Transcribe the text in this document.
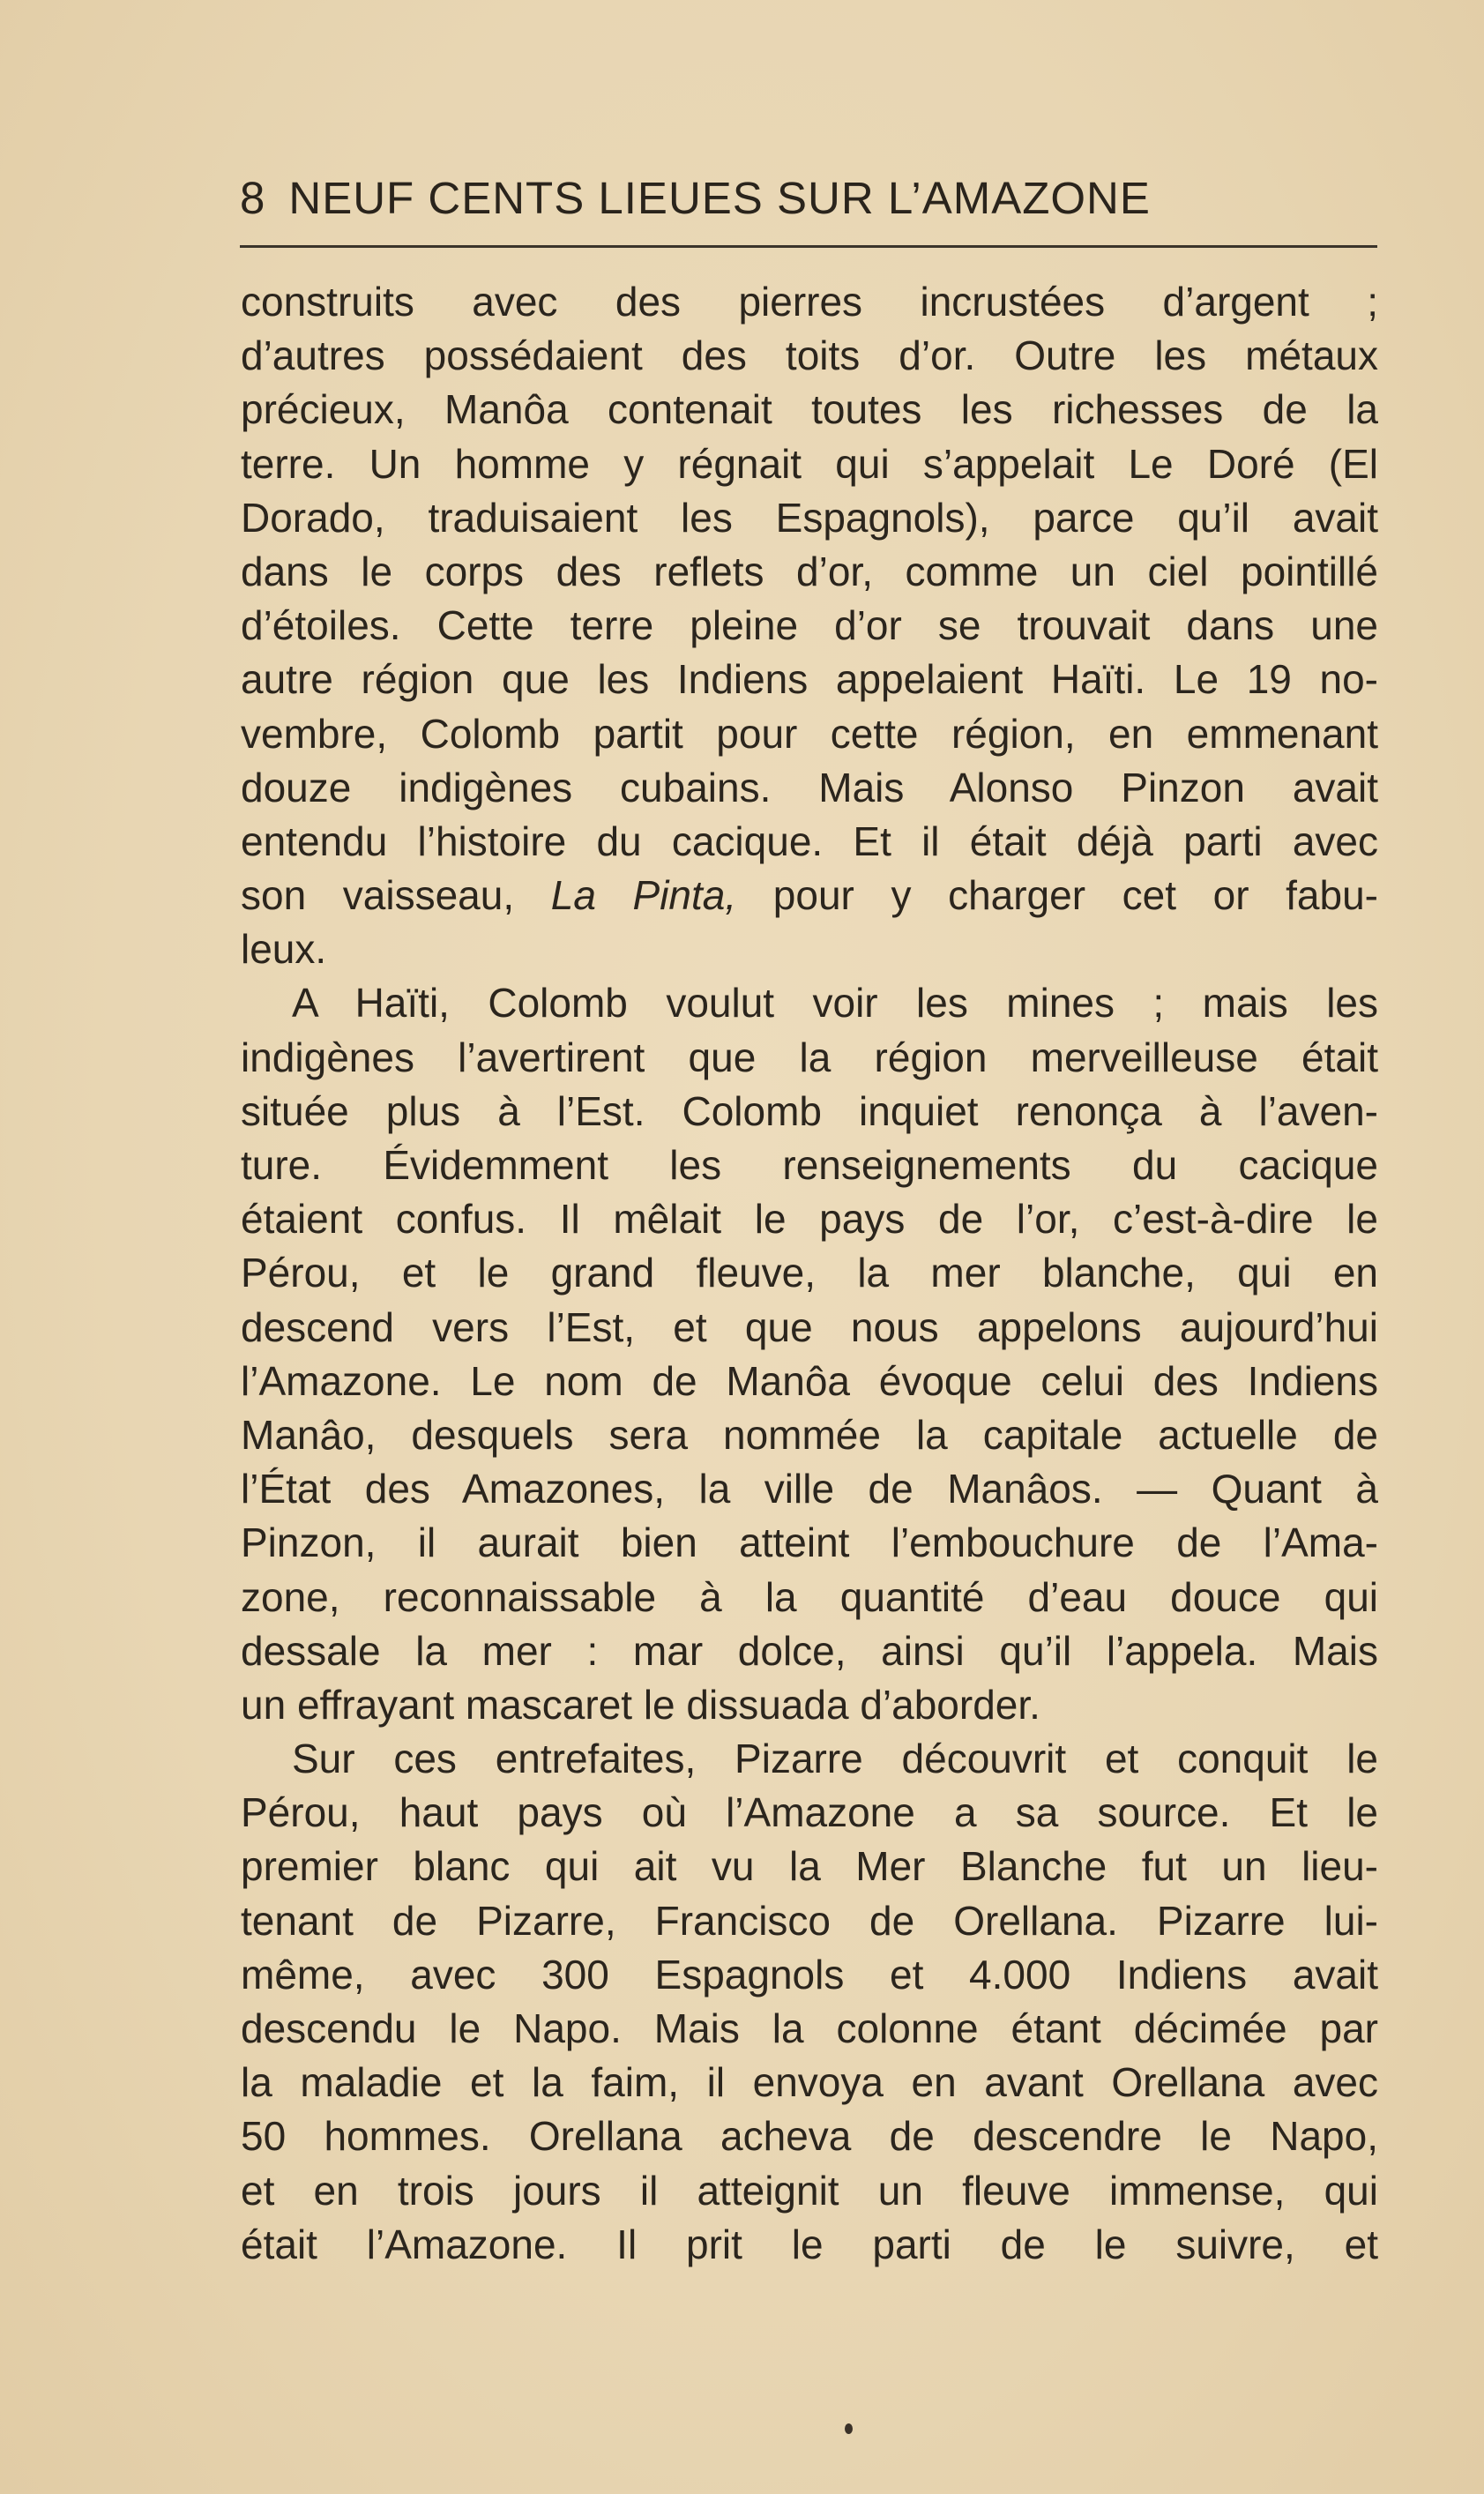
8 NEUF CENTS LIEUES SUR L’AMAZONE
construits avec des pierres incrustées d’argent ;
d’autres possédaient des toits d’or. Outre les métaux
précieux, Manôa contenait toutes les richesses de la
terre. Un homme y régnait qui s’appelait Le Doré (El
Dorado, traduisaient les Espagnols), parce qu’il avait
dans le corps des reflets d’or, comme un ciel pointillé
d’étoiles. Cette terre pleine d’or se trouvait dans une
autre région que les Indiens appelaient Haïti. Le 19 no-
vembre, Colomb partit pour cette région, en emmenant
douze indigènes cubains. Mais Alonso Pinzon avait
entendu l’histoire du cacique. Et il était déjà parti avec
son vaisseau, La Pinta, pour y charger cet or fabu-
leux.
A Haïti, Colomb voulut voir les mines ; mais les
indigènes l’avertirent que la région merveilleuse était
située plus à l’Est. Colomb inquiet renonça à l’aven-
ture. Évidemment les renseignements du cacique
étaient confus. Il mêlait le pays de l’or, c’est-à-dire le
Pérou, et le grand fleuve, la mer blanche, qui en
descend vers l’Est, et que nous appelons aujourd’hui
l’Amazone. Le nom de Manôa évoque celui des Indiens
Manâo, desquels sera nommée la capitale actuelle de
l’État des Amazones, la ville de Manâos. — Quant à
Pinzon, il aurait bien atteint l’embouchure de l’Ama-
zone, reconnaissable à la quantité d’eau douce qui
dessale la mer : mar dolce, ainsi qu’il l’appela. Mais
un effrayant mascaret le dissuada d’aborder.
Sur ces entrefaites, Pizarre découvrit et conquit le
Pérou, haut pays où l’Amazone a sa source. Et le
premier blanc qui ait vu la Mer Blanche fut un lieu-
tenant de Pizarre, Francisco de Orellana. Pizarre lui-
même, avec 300 Espagnols et 4.000 Indiens avait
descendu le Napo. Mais la colonne étant décimée par
la maladie et la faim, il envoya en avant Orellana avec
50 hommes. Orellana acheva de descendre le Napo,
et en trois jours il atteignit un fleuve immense, qui
était l’Amazone. Il prit le parti de le suivre, et
